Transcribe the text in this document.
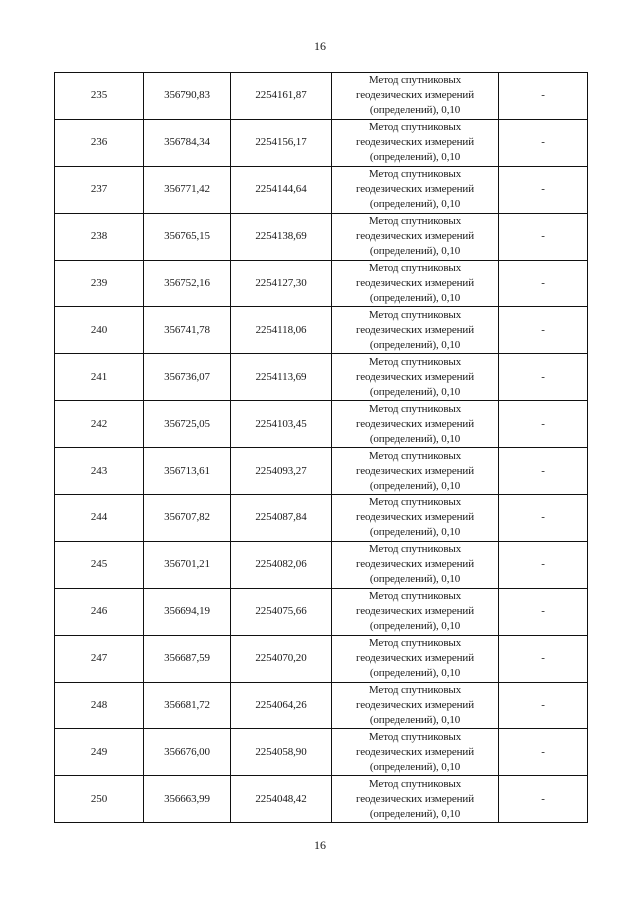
16
235	356790,83	2254161,87	Метод спутниковых
геодезических измерений
(определений), 0,10	-
236	356784,34	2254156,17	Метод спутниковых
геодезических измерений
(определений), 0,10	-
237	356771,42	2254144,64	Метод спутниковых
геодезических измерений
(определений), 0,10	-
238	356765,15	2254138,69	Метод спутниковых
геодезических измерений
(определений), 0,10	-
239	356752,16	2254127,30	Метод спутниковых
геодезических измерений
(определений), 0,10	-
240	356741,78	2254118,06	Метод спутниковых
геодезических измерений
(определений), 0,10	-
241	356736,07	2254113,69	Метод спутниковых
геодезических измерений
(определений), 0,10	-
242	356725,05	2254103,45	Метод спутниковых
геодезических измерений
(определений), 0,10	-
243	356713,61	2254093,27	Метод спутниковых
геодезических измерений
(определений), 0,10	-
244	356707,82	2254087,84	Метод спутниковых
геодезических измерений
(определений), 0,10	-
245	356701,21	2254082,06	Метод спутниковых
геодезических измерений
(определений), 0,10	-
246	356694,19	2254075,66	Метод спутниковых
геодезических измерений
(определений), 0,10	-
247	356687,59	2254070,20	Метод спутниковых
геодезических измерений
(определений), 0,10	-
248	356681,72	2254064,26	Метод спутниковых
геодезических измерений
(определений), 0,10	-
249	356676,00	2254058,90	Метод спутниковых
геодезических измерений
(определений), 0,10	-
250	356663,99	2254048,42	Метод спутниковых
геодезических измерений
(определений), 0,10	-
16
